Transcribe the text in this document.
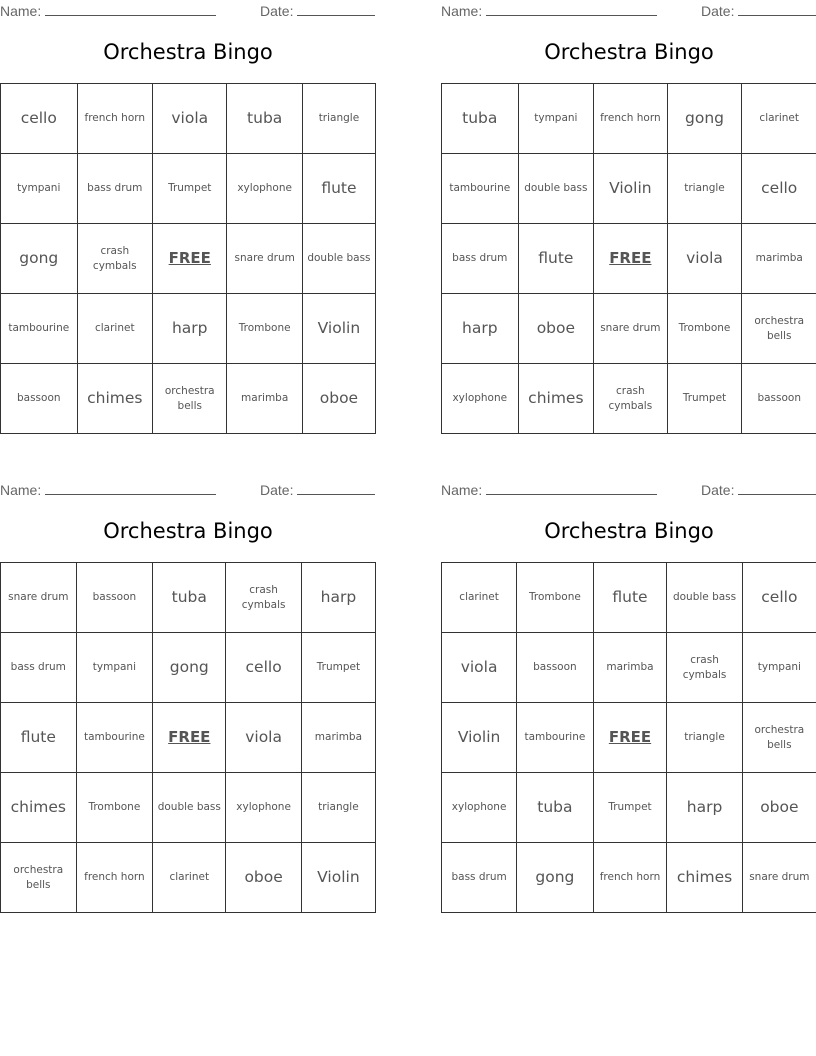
Name:	Date:
Orchestra Bingo
cello	french horn	viola	tuba	triangle
tympani	bass drum	Trumpet	xylophone	flute
gong	crash cymbals	FREE	snare drum	double bass
tambourine	clarinet	harp	Trombone	Violin
bassoon	chimes	orchestra bells	marimba	oboe
Name:	Date:
Orchestra Bingo
tuba	tympani	french horn	gong	clarinet
tambourine	double bass	Violin	triangle	cello
bass drum	flute	FREE	viola	marimba
harp	oboe	snare drum	Trombone	orchestra bells
xylophone	chimes	crash cymbals	Trumpet	bassoon
Name:	Date:
Orchestra Bingo
snare drum	bassoon	tuba	crash cymbals	harp
bass drum	tympani	gong	cello	Trumpet
flute	tambourine	FREE	viola	marimba
chimes	Trombone	double bass	xylophone	triangle
orchestra bells	french horn	clarinet	oboe	Violin
Name:	Date:
Orchestra Bingo
clarinet	Trombone	flute	double bass	cello
viola	bassoon	marimba	crash cymbals	tympani
Violin	tambourine	FREE	triangle	orchestra bells
xylophone	tuba	Trumpet	harp	oboe
bass drum	gong	french horn	chimes	snare drum
